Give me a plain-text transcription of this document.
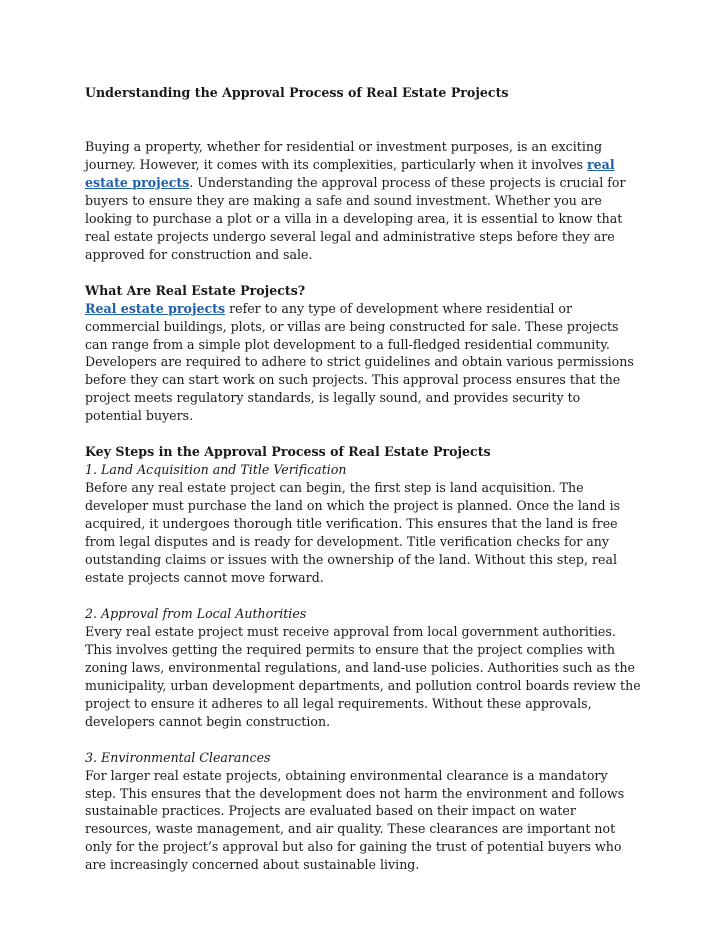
Understanding the Approval Process of Real Estate Projects

Buying a property, whether for residential or investment purposes, is an exciting journey. However, it comes with its complexities, particularly when it involves real estate projects. Understanding the approval process of these projects is crucial for buyers to ensure they are making a safe and sound investment. Whether you are looking to purchase a plot or a villa in a developing area, it is essential to know that real estate projects undergo several legal and administrative steps before they are approved for construction and sale.

What Are Real Estate Projects?

Real estate projects refer to any type of development where residential or commercial buildings, plots, or villas are being constructed for sale. These projects can range from a simple plot development to a full-fledged residential community. Developers are required to adhere to strict guidelines and obtain various permissions before they can start work on such projects. This approval process ensures that the project meets regulatory standards, is legally sound, and provides security to potential buyers.

Key Steps in the Approval Process of Real Estate Projects

1. Land Acquisition and Title Verification

Before any real estate project can begin, the first step is land acquisition. The developer must purchase the land on which the project is planned. Once the land is acquired, it undergoes thorough title verification. This ensures that the land is free from legal disputes and is ready for development. Title verification checks for any outstanding claims or issues with the ownership of the land. Without this step, real estate projects cannot move forward.

2. Approval from Local Authorities

Every real estate project must receive approval from local government authorities. This involves getting the required permits to ensure that the project complies with zoning laws, environmental regulations, and land-use policies. Authorities such as the municipality, urban development departments, and pollution control boards review the project to ensure it adheres to all legal requirements. Without these approvals, developers cannot begin construction.

3. Environmental Clearances

For larger real estate projects, obtaining environmental clearance is a mandatory step. This ensures that the development does not harm the environment and follows sustainable practices. Projects are evaluated based on their impact on water resources, waste management, and air quality. These clearances are important not only for the project’s approval but also for gaining the trust of potential buyers who are increasingly concerned about sustainable living.
